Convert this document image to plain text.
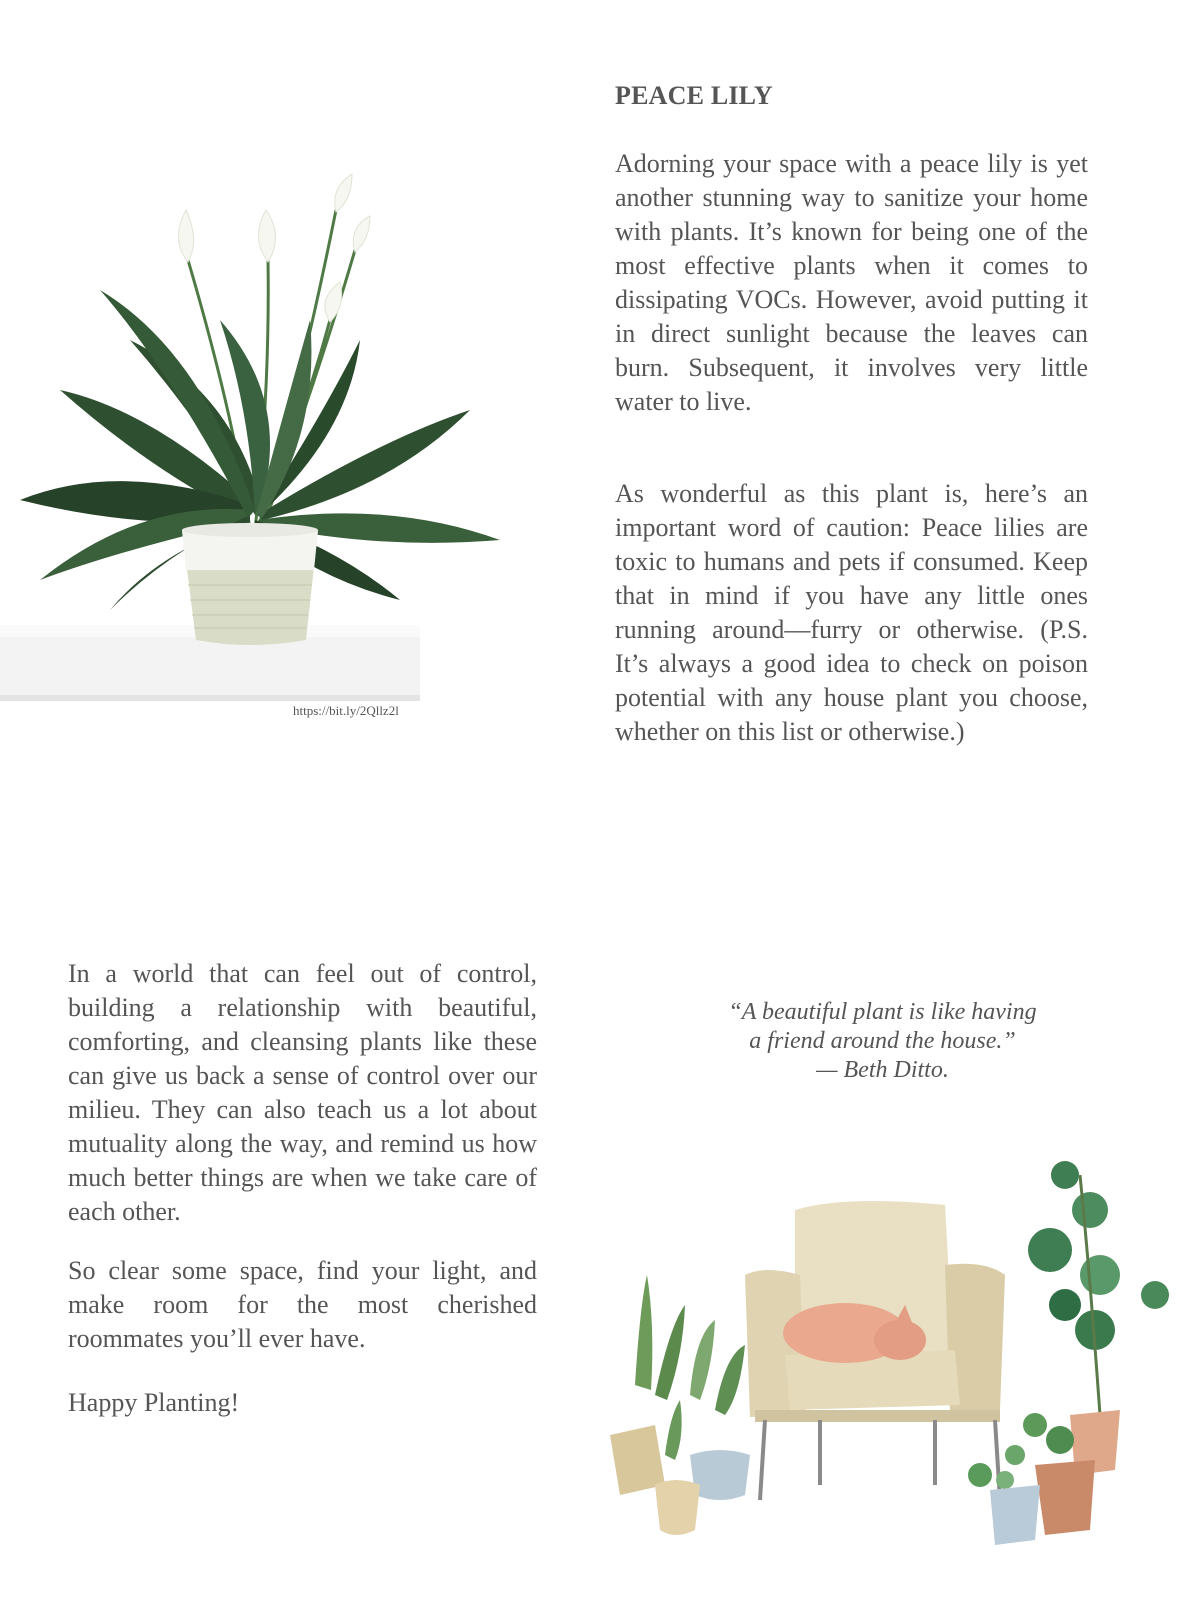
https://bit.ly/2Qllz2l
PEACE LILY

Adorning your space with a peace lily is yet another stunning way to sanitize your home with plants. It’s known for being one of the most effective plants when it comes to dissipating VOCs. However, avoid putting it in direct sunlight because the leaves can burn. Subsequent, it involves very little water to live.

As wonderful as this plant is, here’s an important word of caution: Peace lilies are toxic to humans and pets if consumed. Keep that in mind if you have any little ones running around—furry or otherwise. (P.S. It’s always a good idea to check on poison potential with any house plant you choose, whether on this list or otherwise.)

In a world that can feel out of control, building a relationship with beautiful, comforting, and cleansing plants like these can give us back a sense of control over our milieu. They can also teach us a lot about mutuality along the way, and remind us how much better things are when we take care of each other.

So clear some space, find your light, and make room for the most cherished roommates you’ll ever have.

Happy Planting!
“A beautiful plant is like having
a friend around the house.”
— Beth Ditto.
